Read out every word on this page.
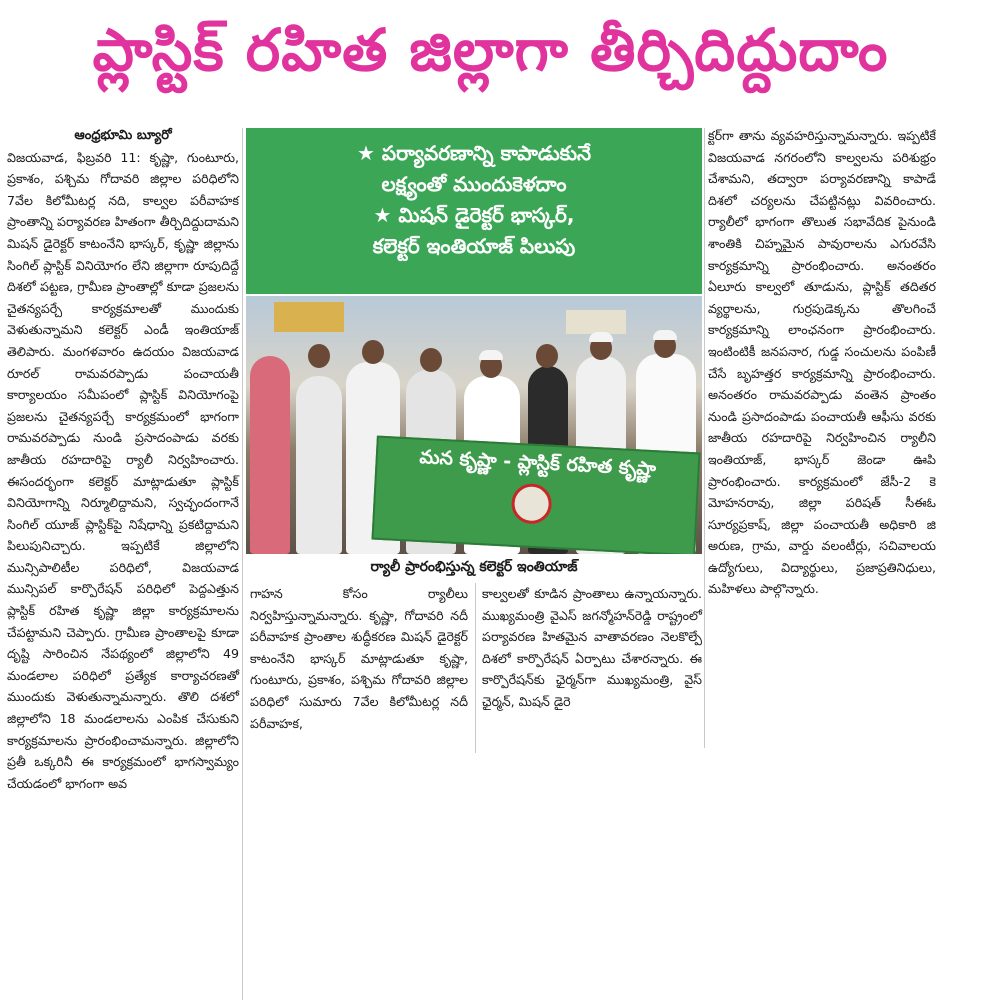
ప్లాస్టిక్ రహిత జిల్లాగా తీర్చిదిద్దుదాం

ఆంధ్రభూమి బ్యూరో

విజయవాడ, ఫిబ్రవరి 11: కృష్ణా, గుంటూరు, ప్రకాశం, పశ్చిమ గోదావరి జిల్లాల పరిధిలోని 7వేల కిలోమీటర్ల నది, కాల్వల పరీవాహక ప్రాంతాన్ని పర్యావరణ హితంగా తీర్చిదిద్దుదామని మిషన్ డైరెక్టర్ కాటంనేని భాస్కర్, కృష్ణా జిల్లాను సింగిల్ ప్లాస్టిక్ వినియోగం లేని జిల్లాగా రూపుదిద్దే దిశలో పట్టణ, గ్రామీణ ప్రాంతాల్లో కూడా ప్రజలను చైతన్యపర్చే కార్యక్రమాలతో ముందుకు వెళుతున్నామని కలెక్టర్ ఎండీ ఇంతియాజ్ తెలిపారు. మంగళవారం ఉదయం విజయవాడ రూరల్ రామవరప్పాడు పంచాయతీ కార్యాలయం సమీపంలో ప్లాస్టిక్ వినియోగంపై ప్రజలను చైతన్యపర్చే కార్యక్రమంలో భాగంగా రామవరప్పాడు నుండి ప్రసాదంపాడు వరకు జాతీయ రహదారిపై ర్యాలీ నిర్వహించారు. ఈసందర్భంగా కలెక్టర్ మాట్లాడుతూ ప్లాస్టిక్ వినియోగాన్ని నిర్మూలిద్దామని, స్వచ్ఛందంగానే సింగిల్ యూజ్ ప్లాస్టిక్‌పై నిషేధాన్ని ప్రకటిద్దామని పిలుపునిచ్చారు. ఇప్పటికే జిల్లాలోని మున్సిపాలిటీల పరిధిలో, విజయవాడ మున్సిపల్ కార్పొరేషన్ పరిధిలో పెద్దఎత్తున ప్లాస్టిక్ రహిత కృష్ణా జిల్లా కార్యక్రమాలను చేపట్టామని చెప్పారు. గ్రామీణ ప్రాంతాలపై కూడా దృష్టి సారించిన నేపథ్యంలో జిల్లాలోని 49 మండలాల పరిధిలో ప్రత్యేక కార్యాచరణతో ముందుకు వెళుతున్నామన్నారు. తొలి దశలో జిల్లాలోని 18 మండలాలను ఎంపిక చేసుకుని కార్యక్రమాలను ప్రారంభించామన్నారు. జిల్లాలోని ప్రతీ ఒక్కరినీ ఈ కార్యక్రమంలో భాగస్వామ్యం చేయడంలో భాగంగా అవ

★ పర్యావరణాన్ని కాపాడుకునే
లక్ష్యంతో ముందుకెళదాం
★ మిషన్ డైరెక్టర్ భాస్కర్,
కలెక్టర్ ఇంతియాజ్ పిలుపు
మన కృష్ణా - ప్లాస్టిక్ రహిత కృష్ణా
ర్యాలీ ప్రారంభిస్తున్న కలెక్టర్ ఇంతియాజ్

గాహన కోసం ర్యాలీలు నిర్వహిస్తున్నామన్నారు. కృష్ణా, గోదావరి నదీ పరీవాహక ప్రాంతాల శుద్ధీకరణ మిషన్ డైరెక్టర్ కాటంనేని భాస్కర్ మాట్లాడుతూ కృష్ణా, గుంటూరు, ప్రకాశం, పశ్చిమ గోదావరి జిల్లాల పరిధిలో సుమారు 7వేల కిలోమీటర్ల నదీ పరీవాహక,

కాల్వలతో కూడిన ప్రాంతాలు ఉన్నాయన్నారు. ముఖ్యమంత్రి వైఎస్ జగన్మోహన్‌రెడ్డి రాష్ట్రంలో పర్యావరణ హితమైన వాతావరణం నెలకొల్పే దిశలో కార్పొరేషన్ ఏర్పాటు చేశారన్నారు. ఈ కార్పొరేషన్‌కు ఛైర్మన్‌గా ముఖ్యమంత్రి, వైస్ ఛైర్మన్, మిషన్ డైరె

క్టర్‌గా తాను వ్యవహరిస్తున్నామన్నారు. ఇప్పటికే విజయవాడ నగరంలోని కాల్వలను పరిశుభ్రం చేశామని, తద్వారా పర్యావరణాన్ని కాపాడే దిశలో చర్యలను చేపట్టినట్లు వివరించారు. ర్యాలీలో భాగంగా తొలుత సభావేదిక పైనుండి శాంతికి చిహ్నమైన పావురాలను ఎగురవేసి కార్యక్రమాన్ని ప్రారంభించారు. అనంతరం ఏలూరు కాల్వలో తూడును, ప్లాస్టిక్ తదితర వ్యర్థాలను, గుర్రపుడెక్కను తొలగించే కార్యక్రమాన్ని లాంఛనంగా ప్రారంభించారు. ఇంటింటికీ జనపనార, గుడ్డ సంచులను పంపిణీ చేసే బృహత్తర కార్యక్రమాన్ని ప్రారంభించారు. అనంతరం రామవరప్పాడు వంతెన ప్రాంతం నుండి ప్రసాదంపాడు పంచాయతీ ఆఫీసు వరకు జాతీయ రహదారిపై నిర్వహించిన ర్యాలీని ఇంతియాజ్, భాస్కర్ జెండా ఊపి ప్రారంభించారు. కార్యక్రమంలో జేసీ-2 కె మోహనరావు, జిల్లా పరిషత్ సీఈఓ సూర్యప్రకాష్, జిల్లా పంచాయతీ అధికారి జి అరుణ, గ్రామ, వార్డు వలంటీర్లు, సచివాలయ ఉద్యోగులు, విద్యార్థులు, ప్రజాప్రతినిధులు, మహిళలు పాల్గొన్నారు.
